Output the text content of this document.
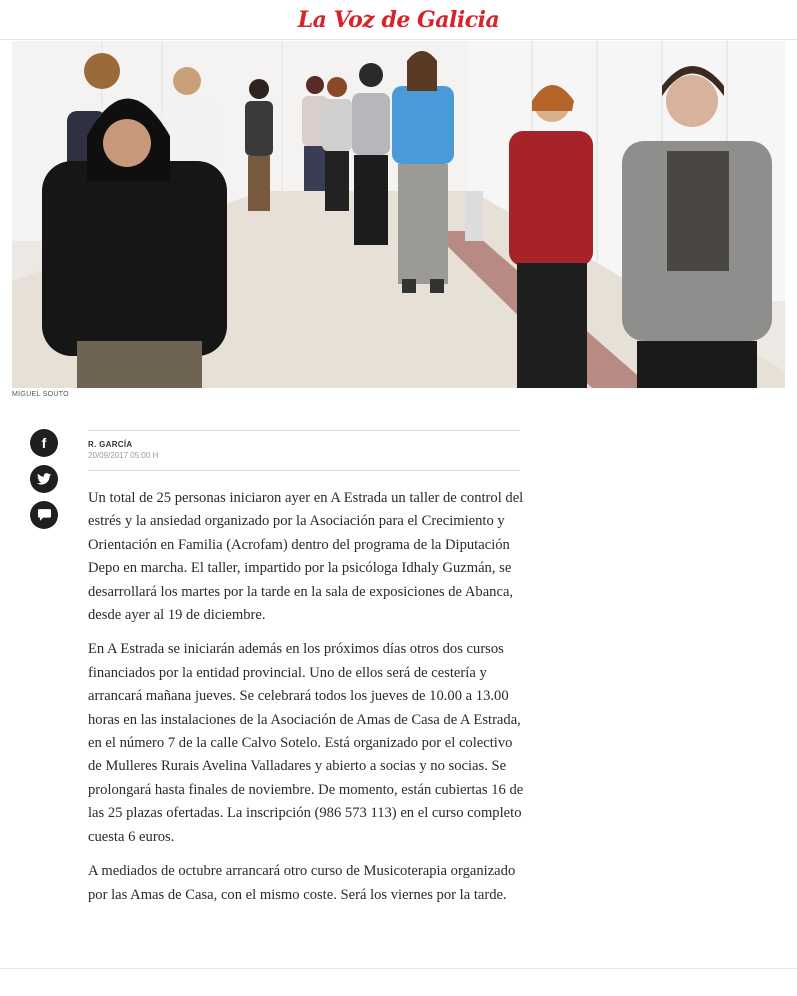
La Voz de Galicia
MIGUEL SOUTO
f	R. GARCÍA
20/09/2017 05:00 H

Un total de 25 personas iniciaron ayer en A Estrada un taller de control del estrés y la ansiedad organizado por la Asociación para el Crecimiento y Orientación en Familia (Acrofam) dentro del programa de la Diputación Depo en marcha. El taller, impartido por la psicóloga Idhaly Guzmán, se desarrollará los martes por la tarde en la sala de exposiciones de Abanca, desde ayer al 19 de diciembre.

En A Estrada se iniciarán además en los próximos días otros dos cursos financiados por la entidad provincial. Uno de ellos será de cestería y arrancará mañana jueves. Se celebrará todos los jueves de 10.00 a 13.00 horas en las instalaciones de la Asociación de Amas de Casa de A Estrada, en el número 7 de la calle Calvo Sotelo. Está organizado por el colectivo de Mulleres Rurais Avelina Valladares y abierto a socias y no socias. Se prolongará hasta finales de noviembre. De momento, están cubiertas 16 de las 25 plazas ofertadas. La inscripción (986 573 113) en el curso completo cuesta 6 euros.

A mediados de octubre arrancará otro curso de Musicoterapia organizado por las Amas de Casa, con el mismo coste. Será los viernes por la tarde.
